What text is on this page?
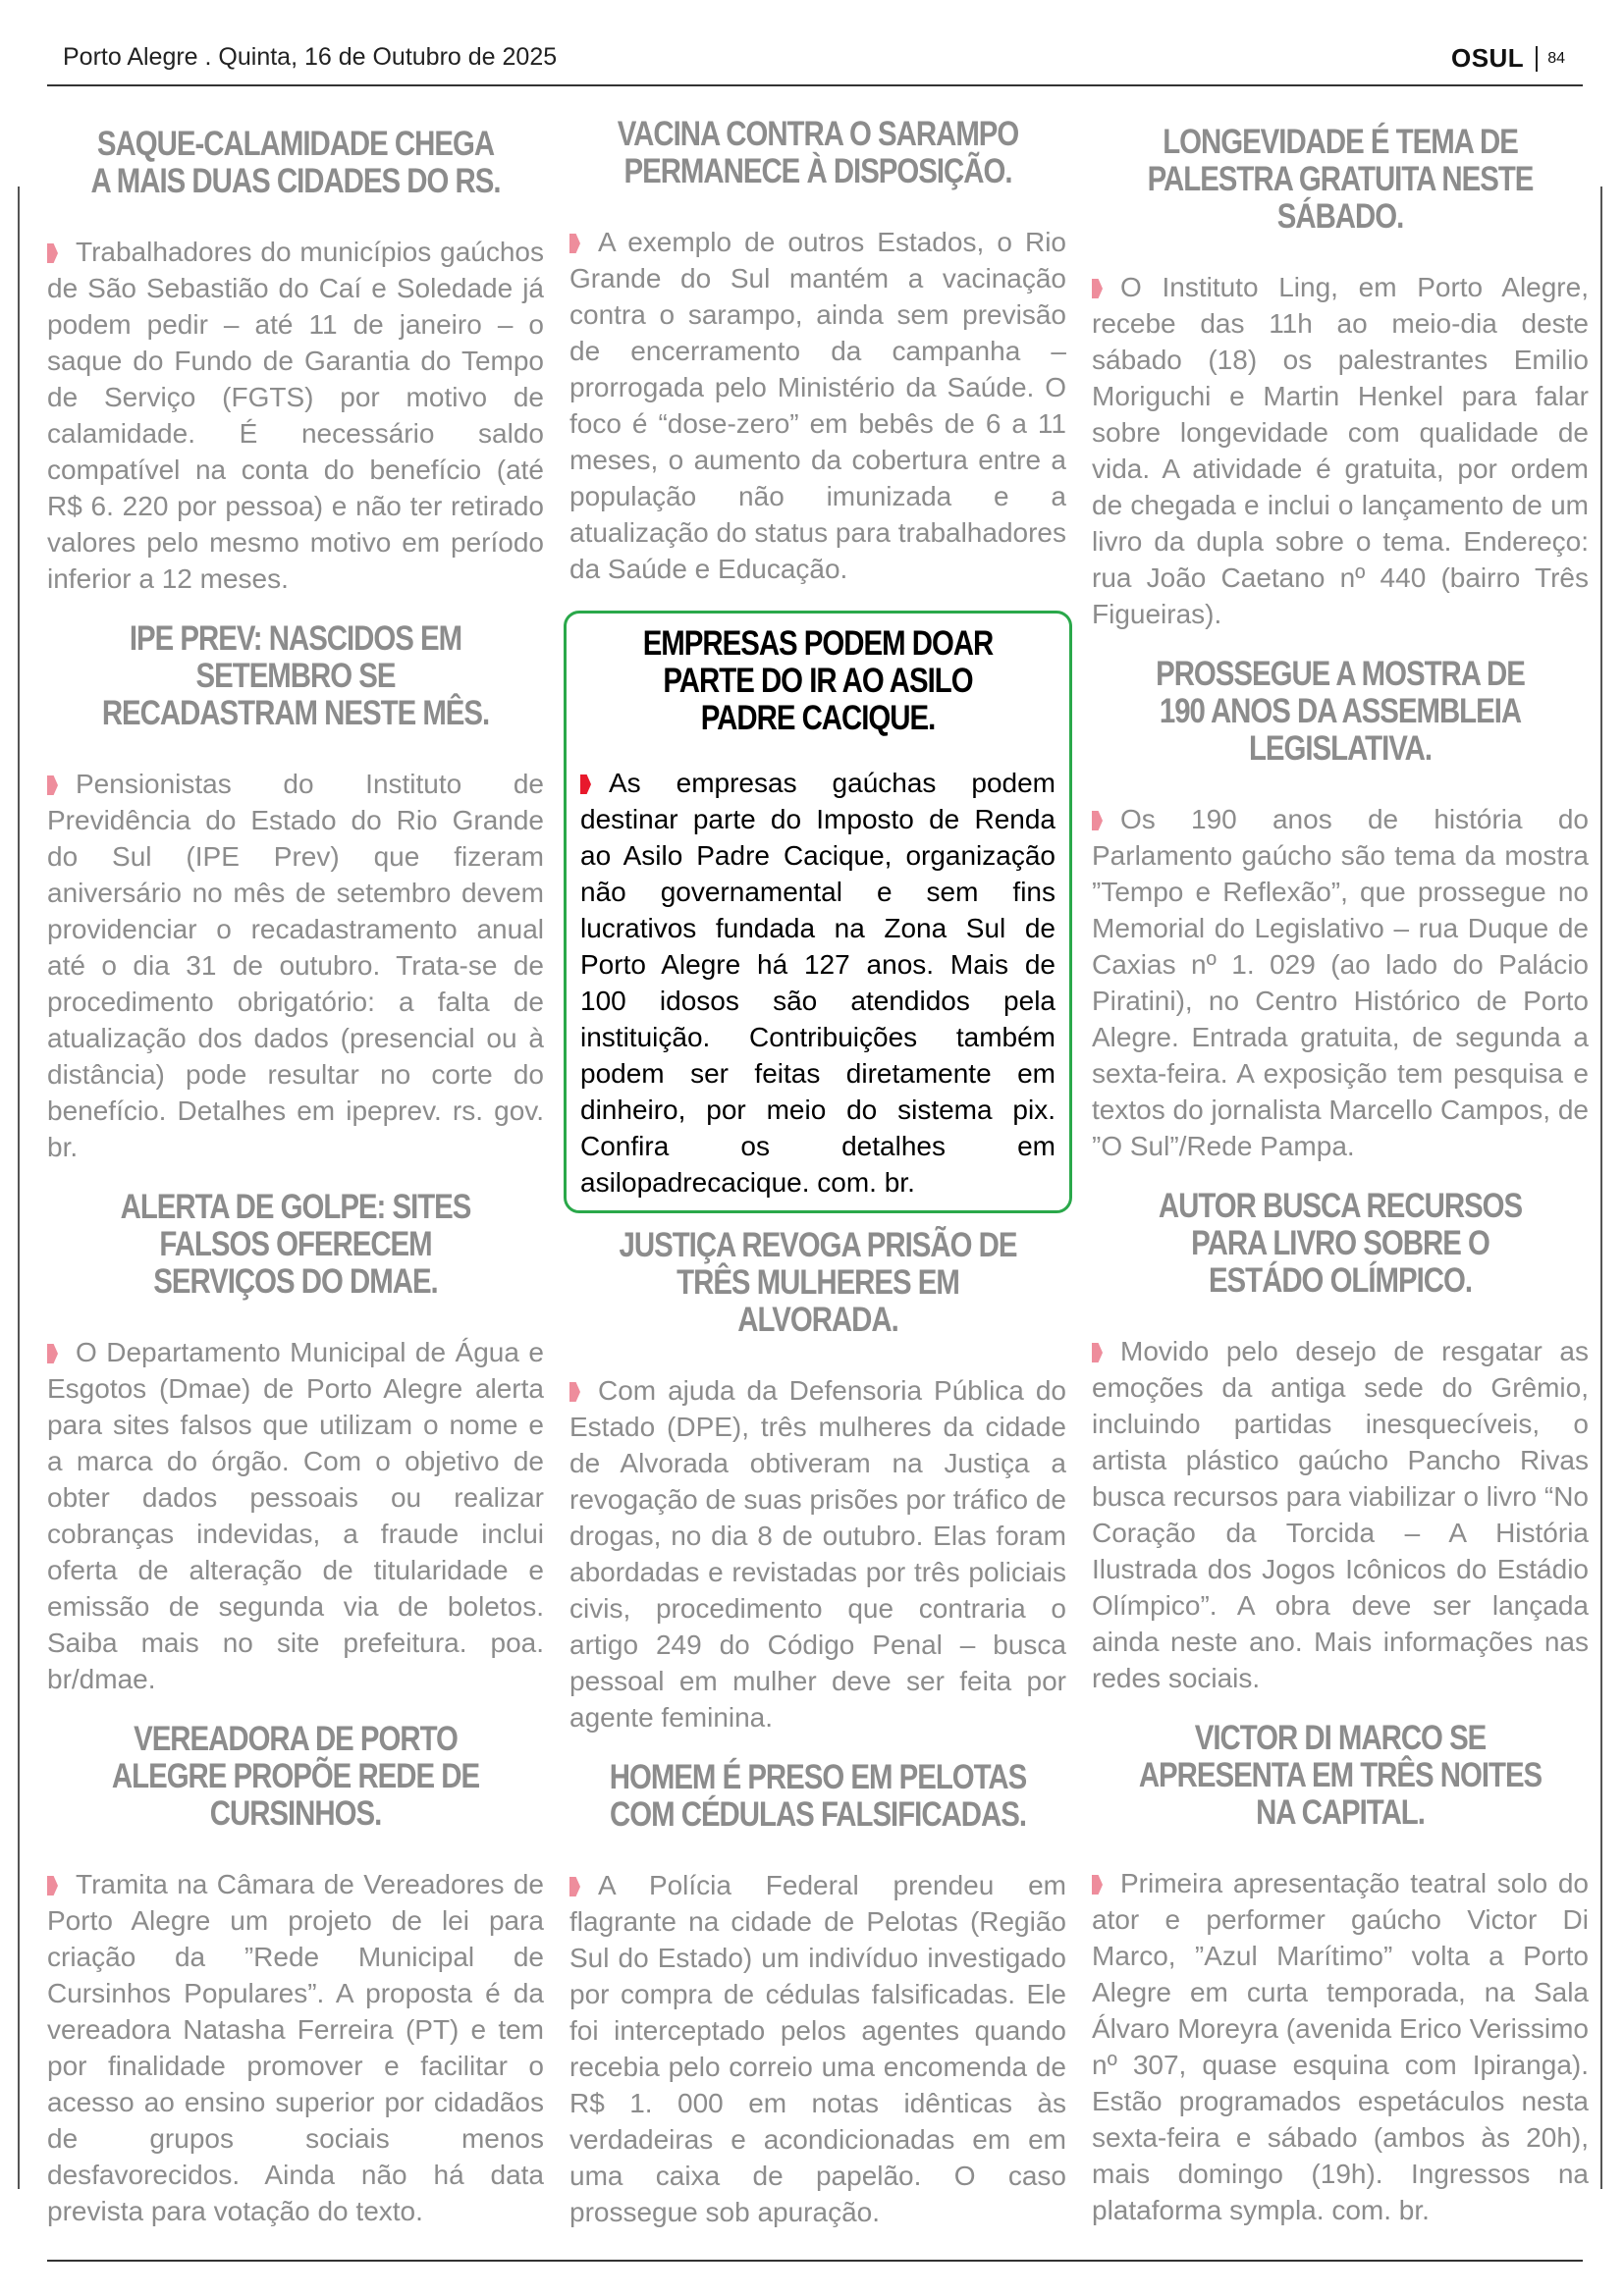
Porto Alegre . Quinta, 16 de Outubro de 2025	OSUL 84
SAQUE-CALAMIDADE CHEGA A MAIS DUAS CIDADES DO RS.

Trabalhadores do municípios gaúchos de São Sebastião do Caí e Soledade já podem pedir – até 11 de janeiro – o saque do Fundo de Garantia do Tempo de Serviço (FGTS) por motivo de calamidade. É necessário saldo compatível na conta do benefício (até R$ 6. 220 por pessoa) e não ter retirado valores pelo mesmo motivo em período inferior a 12 meses.

IPE PREV: NASCIDOS EM SETEMBRO SE RECADASTRAM NESTE MÊS.

Pensionistas do Instituto de Previdência do Estado do Rio Grande do Sul (IPE Prev) que fizeram aniversário no mês de setembro devem providenciar o recadastramento anual até o dia 31 de outubro. Trata-se de procedimento obrigatório: a falta de atualização dos dados (presencial ou à distância) pode resultar no corte do benefício. Detalhes em ipeprev. rs. gov. br.

ALERTA DE GOLPE: SITES FALSOS OFERECEM SERVIÇOS DO DMAE.

O Departamento Municipal de Água e Esgotos (Dmae) de Porto Alegre alerta para sites falsos que utilizam o nome e a marca do órgão. Com o objetivo de obter dados pessoais ou realizar cobranças indevidas, a fraude inclui oferta de alteração de titularidade e emissão de segunda via de boletos. Saiba mais no site prefeitura. poa. br/dmae.

VEREADORA DE PORTO ALEGRE PROPÕE REDE DE CURSINHOS.

Tramita na Câmara de Vereadores de Porto Alegre um projeto de lei para criação da ”Rede Municipal de Cursinhos Populares”. A proposta é da vereadora Natasha Ferreira (PT) e tem por finalidade promover e facilitar o acesso ao ensino superior por cidadãos de grupos sociais menos desfavorecidos. Ainda não há data prevista para votação do texto.

VACINA CONTRA O SARAMPO PERMANECE À DISPOSIÇÃO.

A exemplo de outros Estados, o Rio Grande do Sul mantém a vacinação contra o sarampo, ainda sem previsão de encerramento da campanha – prorrogada pelo Ministério da Saúde. O foco é “dose-zero” em bebês de 6 a 11 meses, o aumento da cobertura entre a população não imunizada e a atualização do status para trabalhadores da Saúde e Educação.

EMPRESAS PODEM DOAR PARTE DO IR AO ASILO PADRE CACIQUE.

As empresas gaúchas podem destinar parte do Imposto de Renda ao Asilo Padre Cacique, organização não governamental e sem fins lucrativos fundada na Zona Sul de Porto Alegre há 127 anos. Mais de 100 idosos são atendidos pela instituição. Contribuições também podem ser feitas diretamente em dinheiro, por meio do sistema pix. Confira os detalhes em asilopadrecacique. com. br.

JUSTIÇA REVOGA PRISÃO DE TRÊS MULHERES EM ALVORADA.

Com ajuda da Defensoria Pública do Estado (DPE), três mulheres da cidade de Alvorada obtiveram na Justiça a revogação de suas prisões por tráfico de drogas, no dia 8 de outubro. Elas foram abordadas e revistadas por três policiais civis, procedimento que contraria o artigo 249 do Código Penal – busca pessoal em mulher deve ser feita por agente feminina.

HOMEM É PRESO EM PELOTAS COM CÉDULAS FALSIFICADAS.

A Polícia Federal prendeu em flagrante na cidade de Pelotas (Região Sul do Estado) um indivíduo investigado por compra de cédulas falsificadas. Ele foi interceptado pelos agentes quando recebia pelo correio uma encomenda de R$ 1. 000 em notas idênticas às verdadeiras e acondicionadas em em uma caixa de papelão. O caso prossegue sob apuração.

LONGEVIDADE É TEMA DE PALESTRA GRATUITA NESTE SÁBADO.

O Instituto Ling, em Porto Alegre, recebe das 11h ao meio-dia deste sábado (18) os palestrantes Emilio Moriguchi e Martin Henkel para falar sobre longevidade com qualidade de vida. A atividade é gratuita, por ordem de chegada e inclui o lançamento de um livro da dupla sobre o tema. Endereço: rua João Caetano nº 440 (bairro Três Figueiras).

PROSSEGUE A MOSTRA DE 190 ANOS DA ASSEMBLEIA LEGISLATIVA.

Os 190 anos de história do Parlamento gaúcho são tema da mostra ”Tempo e Reflexão”, que prossegue no Memorial do Legislativo – rua Duque de Caxias nº 1. 029 (ao lado do Palácio Piratini), no Centro Histórico de Porto Alegre. Entrada gratuita, de segunda a sexta-feira. A exposição tem pesquisa e textos do jornalista Marcello Campos, de ”O Sul”/Rede Pampa.

AUTOR BUSCA RECURSOS PARA LIVRO SOBRE O ESTÁDO OLÍMPICO.

Movido pelo desejo de resgatar as emoções da antiga sede do Grêmio, incluindo partidas inesquecíveis, o artista plástico gaúcho Pancho Rivas busca recursos para viabilizar o livro “No Coração da Torcida – A História Ilustrada dos Jogos Icônicos do Estádio Olímpico”. A obra deve ser lançada ainda neste ano. Mais informações nas redes sociais.

VICTOR DI MARCO SE APRESENTA EM TRÊS NOITES NA CAPITAL.

Primeira apresentação teatral solo do ator e performer gaúcho Victor Di Marco, ”Azul Marítimo” volta a Porto Alegre em curta temporada, na Sala Álvaro Moreyra (avenida Erico Verissimo nº 307, quase esquina com Ipiranga). Estão programados espetáculos nesta sexta-feira e sábado (ambos às 20h), mais domingo (19h). Ingressos na plataforma sympla. com. br.
